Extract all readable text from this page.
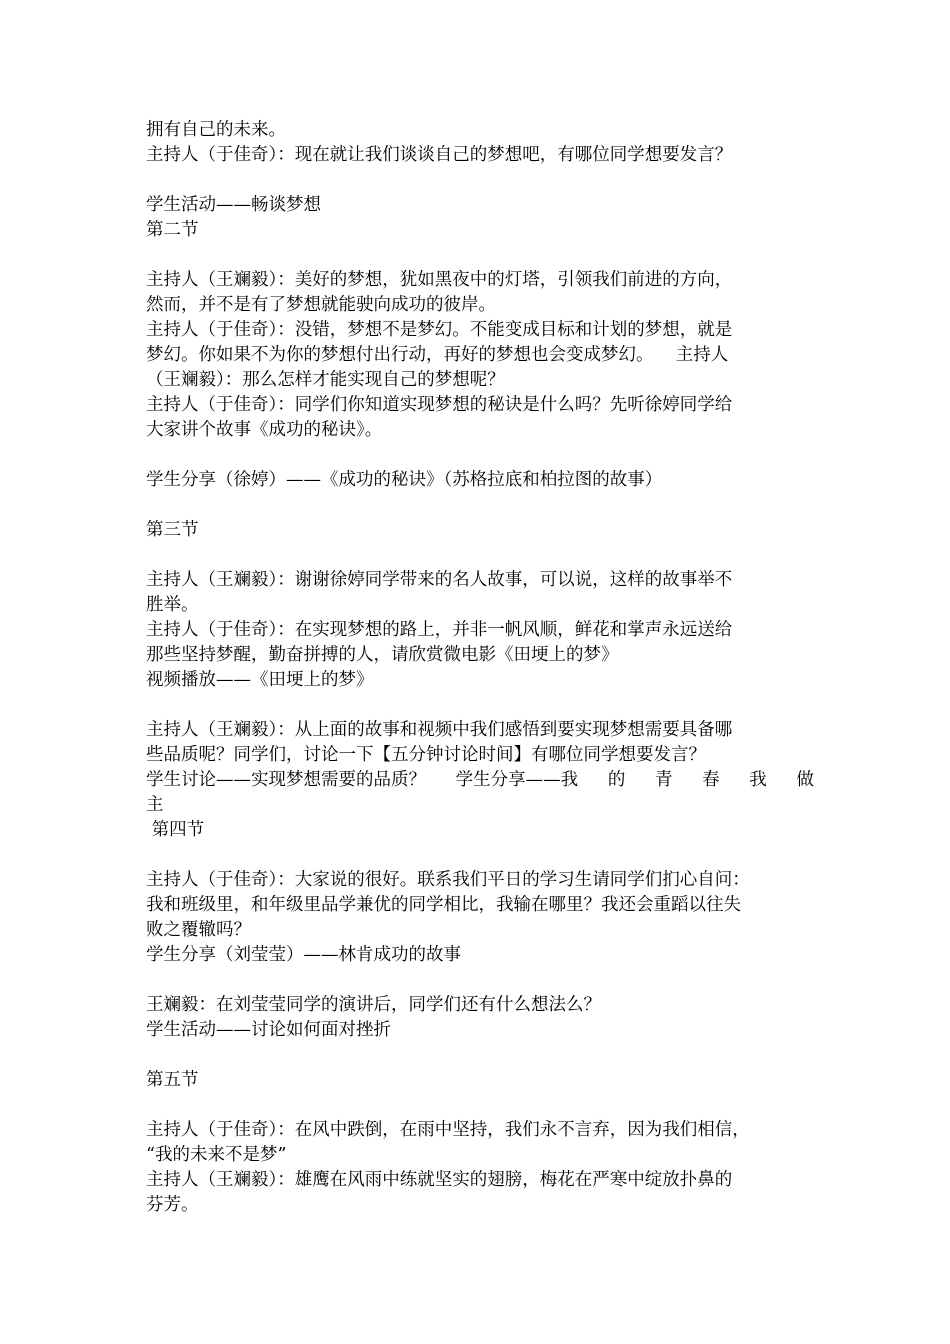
拥有自己的未来。
主持人（于佳奇）：现在就让我们谈谈自己的梦想吧，有哪位同学想要发言？
学生活动——畅谈梦想
第二节
主持人（王斓毅）：美好的梦想，犹如黑夜中的灯塔，引领我们前进的方向，
然而，并不是有了梦想就能驶向成功的彼岸。
主持人（于佳奇）：没错，梦想不是梦幻。不能变成目标和计划的梦想，就是
梦幻。你如果不为你的梦想付出行动，再好的梦想也会变成梦幻。    主持人
（王斓毅）：那么怎样才能实现自己的梦想呢？
主持人（于佳奇）：同学们你知道实现梦想的秘诀是什么吗？先听徐婷同学给
大家讲个故事《成功的秘诀》。
学生分享（徐婷）——《成功的秘诀》（苏格拉底和柏拉图的故事）
第三节
主持人（王斓毅）：谢谢徐婷同学带来的名人故事，可以说，这样的故事举不
胜举。
主持人（于佳奇）：在实现梦想的路上，并非一帆风顺，鲜花和掌声永远送给
那些坚持梦醒，勤奋拼搏的人，请欣赏微电影《田埂上的梦》
视频播放——《田埂上的梦》
主持人（王斓毅）：从上面的故事和视频中我们感悟到要实现梦想需要具备哪
些品质呢？同学们，讨论一下【五分钟讨论时间】有哪位同学想要发言？
学生讨论——实现梦想需要的品质？ 学生分享——我 的 青 春 我 做
主
第四节
主持人（于佳奇）：大家说的很好。联系我们平日的学习生请同学们扪心自问：
我和班级里，和年级里品学兼优的同学相比，我输在哪里？我还会重蹈以往失
败之覆辙吗？
学生分享（刘莹莹）——林肯成功的故事
王斓毅：在刘莹莹同学的演讲后，同学们还有什么想法么？
学生活动——讨论如何面对挫折
第五节
主持人（于佳奇）：在风中跌倒，在雨中坚持，我们永不言弃，因为我们相信，
“我的未来不是梦”
主持人（王斓毅）：雄鹰在风雨中练就坚实的翅膀，梅花在严寒中绽放扑鼻的
芬芳。
